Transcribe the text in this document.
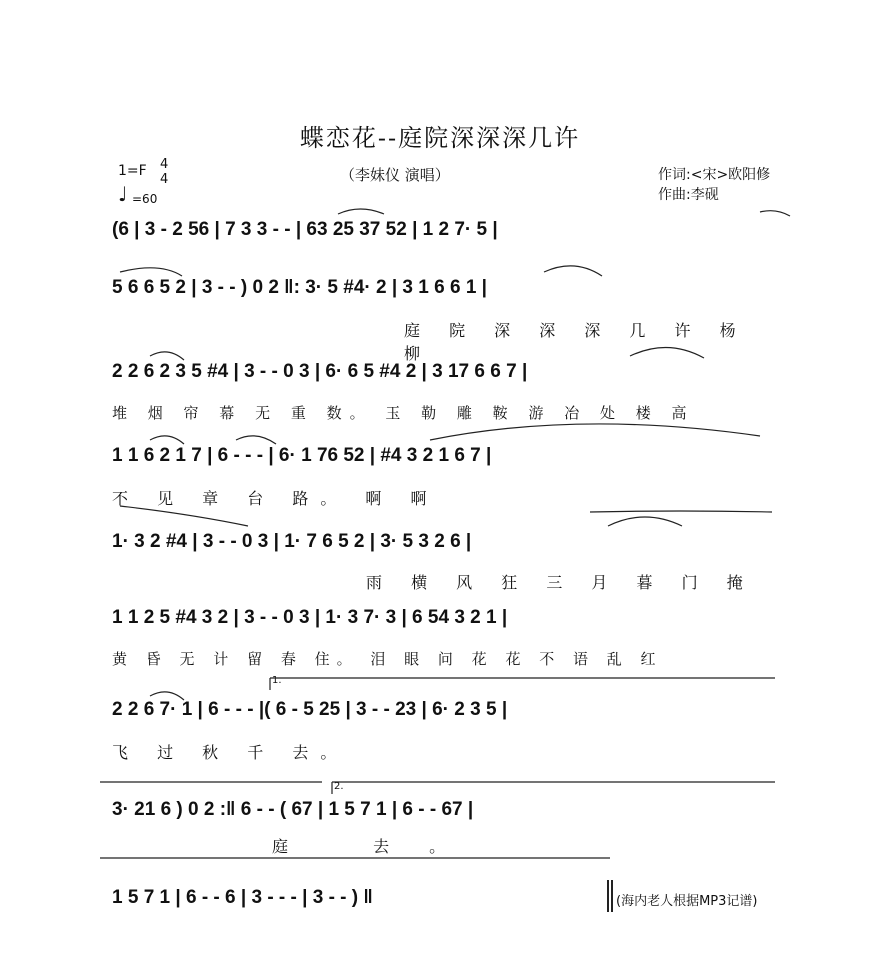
蝶恋花--庭院深深深几许
（李妹仪 演唱）
1=F 4
4
♩ =60
作词:<宋>欧阳修
作曲:李砚
(6 | 3 - 2 56 | 7 3 3 - - | 63 25 37 52 | 1 2 7· 5 |
5 6 6 5 2 | 3 - - ) 0 2 ‖: 3· 5 #4· 2 | 3 1 6 6 1 |
庭 院 深 深 深 几 许 杨 柳
2 2 6 2 3 5 #4 | 3 - - 0 3 | 6· 6 5 #4 2 | 3 17 6 6 7 |
堆 烟 帘 幕 无 重 数。 玉 勒 雕 鞍 游 冶 处 楼 高
1 1 6 2 1 7 | 6 - - - | 6· 1 76 52 | #4 3 2 1 6 7 |
不 见 章 台 路。 啊 啊
1· 3 2 #4 | 3 - - 0 3 | 1· 7 6 5 2 | 3· 5 3 2 6 |
雨 横 风 狂 三 月 暮 门 掩
1 1 2 5 #4 3 2 | 3 - - 0 3 | 1· 3 7· 3 | 6 54 3 2 1 |
黄 昏 无 计 留 春 住。 泪 眼 问 花 花 不 语 乱 红
1.
2 2 6 7· 1 | 6 - - - |( 6 - 5 25 | 3 - - 23 | 6· 2 3 5 |
飞 过 秋 千 去。
2.
3· 21 6 ) 0 2 :‖ 6 - - ( 67 | 1 5 7 1 | 6 - - 67 |
庭 去。
1 5 7 1 | 6 - - 6 | 3 - - - | 3 - - ) ‖	(海内老人根据MP3记谱)
